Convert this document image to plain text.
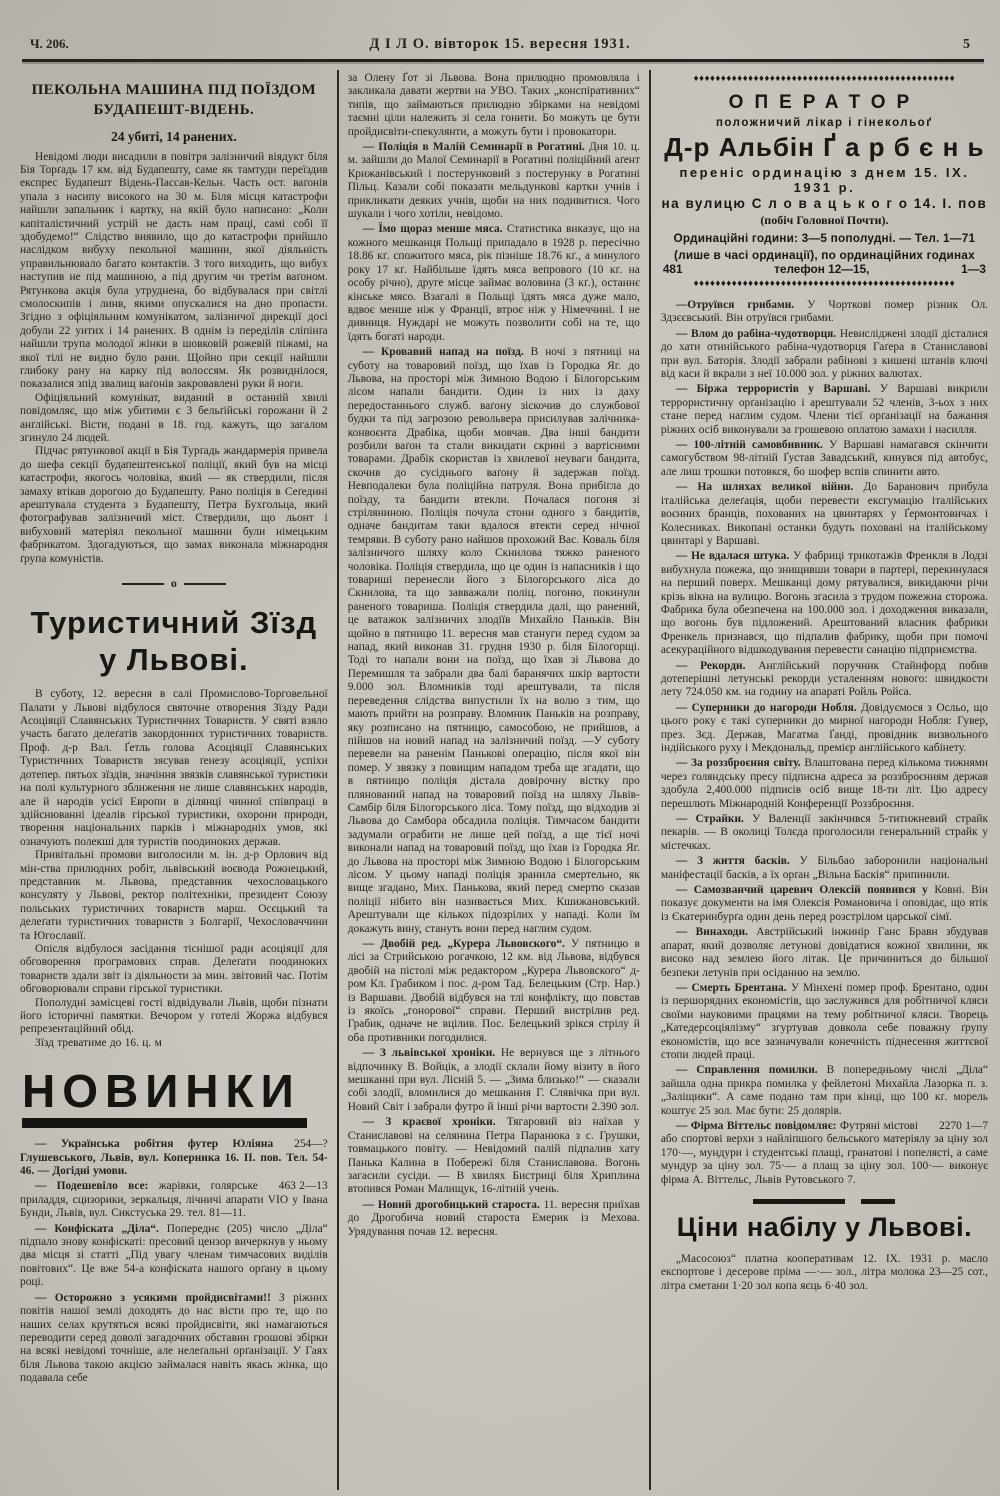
Ч. 206.	Д І Л О. вівторок 15. вересня 1931.	5
ПЕКОЛЬНА МАШИНА ПІД ПОЇЗДОМ БУДАПЕШТ-ВІДЕНЬ.
24 убиті, 14 ранених.

Невідомі люди висадили в повітря залізничий віядукт біля Бія Торґадь 17 км. від Будапешту, саме як тамтуди переїздив експрес Будапешт Відень-Пассав-Кельн. Часть ост. ваґонів упала з насипу високого на 30 м. Біля місця катастрофи найшли запальник і картку, на якій було написано: „Коли капіталістичний устрій не дасть нам праці, самі собі її здобудемо!“ Слідство виявило, що до катастрофи прийшло наслідком вибуху пекольної машини, якої діяльність управильнювало багато контактів. З того виходить, що вибух наступив не під машиною, а під другим чи третім ваґоном. Рятункова акція була утруднена, бо відбувалася при світлі смолоскипів і линв, якими опускалися на дно пропасти. Згідно з офіціяльним комунікатом, залізничої дирекції досі добули 22 уитих і 14 ранених. В однім із переділів сліпінґа найшли трупа молодої жінки в шовковій рожевій піжамі, на якої тілі не видно було рани. Щойно при секції найшли глибоку рану на карку під волоссям. Як розвиднілося, показалися зпід звалищ ваґонів закровавлені руки й ноги.

Офіціяльний комунікат, виданий в останній хвилі повідомляє, що між убитими є 3 бельґійські горожани й 2 анґлійські. Вісти, подані в 18. год. кажуть, що загалом згинуло 24 людей.

Підчас рятункової акції в Бія Турґадь жандармерія привела до шефа секції будапештенської поліції, який був на місці катастрофи, якогось чоловіка, який — як ствердили, після замаху втікав дорогою до Будапешту. Рано поліція в Сеґедині арештувала студента з Будапешту, Петра Бухгольца, який фотографував залізничий міст. Ствердили, що льонт і вибуховий матеріял пекольної машини були німецьким фабрикатом. Здогадуються, що замах виконала міжнародня ґрупа комуністів.

о
Туристичний Зїзд у Львові.

В суботу, 12. вересня в салі Промислово-Торговельної Палати у Львові відбулося святочне отворення Зїзду Ради Асоціяції Славянських Туристичних Товариств. У святі взяло участь багато делеґатів закордонних туристичних товариств. Проф. д-р Вал. Ґетль голова Асоціяції Славянських Туристичних Товариств зясував ґенезу асоціяції, успіхи дотепер. пятьох зїздів, значіння звязків славянської туристики на полі культурного зближення не лише славянських народів, але й народів усієї Европи в ділянці чинної співпраці в здійснюванні ідеалів гірської туристики, охорони природи, творення національних парків і міжнародніх умов, які означують полекші для туристів поодиноких держав.

Привітальні промови виголосили м. ін. д-р Орлович від мін-ства прилюдних робіт, львівський воєвода Рожнецький, представник м. Львова, представник чехословацького консуляту у Львові, ректор політехніки, президент Союзу польських туристичних товариств марш. Осєцький та делеґати туристичних товариств з Болгарії, Чехословаччини та Югославії.

Опісля відбулося засідання тіснішої ради асоціяції для обговорення програмових справ. Делеґати поодиноких товариств здали звіт із діяльности за мин. звітовий час. Потім обговорювали справи гірської туристики.

Пополудні замісцеві гості відвідували Львів, щоби пізнати його історичні памятки. Вечором у готелі Жоржа відбувся репрезентаційний обід.

Зїзд треватиме до 16. ц. м

НОВИНКИ

254—?
— Українська робітня футер Юліяна Глушевського, Львів, вул. Коперника 16. II. пов. Тел. 54-46. — Догідні умови.

463 2—13
— Подешевіло все: жарівки, голярське приладдя, сцизорики, зеркальця, лічничі апарати VIO у Івана Бунди, Львів, вул. Сикстуська 29. тел. 81—11.

— Конфіската „Діла“. Попереднє (205) число „Діла“ підпало знову конфіскаті: пресовий цензор вичеркнув у ньому два місця зі статті „Під увагу членам тимчасових виділів повітових“. Це вже 54-а конфіската нашого орґану в цьому році.

— Осторожно з усякими пройдисвітами!! З ріжних повітів нашої землі доходять до нас вісти про те, що по наших селах крутяться всякі пройдисвіти, які намагаються переводити серед доволі загадочних обставин грошові збірки на всякі невідомі точніше, але нелеґальні орґанізації. У Гаях біля Львова такою акцією займалася навіть якась жінка, що подавала себе

за Олену Ґот зі Львова. Вона прилюдно промовляла і закликала давати жертви на УВО. Таких „конспіративних“ типів, що займаються прилюдно збірками на невідомі таємні ціли належить зі села гонити. Бо можуть це бути пройдисвіти-спекулянти, а можуть бути і провокатори.

— Поліція в Малій Семинарії в Рогатині. Дня 10. ц. м. зайшли до Малої Семинарії в Рогатині поліційний аґент Крижанівський і постерунковий з постерунку в Рогатині Пільц. Казали собі показати мельдункові картки учнів і прикликати деяких учнів, щоби на них подивитися. Чого шукали і чого хотіли, невідомо.

— Їмо щораз менше мяса. Статистика виказує, що на кожного мешканця Польщі припадало в 1928 р. пересічно 18.86 кґ. спожитого мяса, рік пізніше 18.76 кґ., а минулого року 17 кґ. Найбільше їдять мяса вепрового (10 кґ. на особу річно), друге місце займає воловина (3 кґ.), останнє кінське мясо. Взагалі в Польщі їдять мяса дуже мало, вдвоє менше ніж у Франції, втроє ніж у Німеччині. І не дивниця. Нуждарі не можуть позволити собі на те, що їдять богаті народи.

— Кровавий напад на поїзд. В ночі з пятниці на суботу на товаровий поїзд, що їхав із Городка Яг. до Львова, на просторі між Зимною Водою і Білогорським лісом напали бандити. Один із них із даху передостаннього служб. ваґону зіскочив до службової будки та під загрозою револьвера присилував залічника-конвоєнта Драбіка, щоби мовчав. Два інші бандити розбили ваґон та стали викидати скрині з вартісними товарами. Драбік скористав із хвилевої неуваги бандита, скочив до сусіднього ваґону й задержав поїзд. Невподалеки була поліційна патруля. Вона прибігла до поїзду, та бандити втекли. Почалася погоня зі стріляниною. Поліція почула стони одного з бандитів, одначе бандитам таки вдалося втекти серед нічної темряви. В суботу рано найшов прохожий Вас. Коваль біля залізничого шляху коло Скнилова тяжко раненого чоловіка. Поліція ствердила, що це один із напасників і що товариші перенесли його з Білогорського ліса до Скнилова, та що завважали поліц. погоню, покинули раненого товариша. Поліція ствердила далі, що ранений, це ватажок залізничих злодіїв Михайло Паньків. Він щойно в пятницю 11. вересня мав стануги перед судом за напад, який виконав 31. грудня 1930 р. біля Білогорщі. Тоді то напали вони на поїзд, що їхав зі Львова до Перемишля та забрали два балі баранячих шкір вартости 9.000 зол. Вломників тоді арештували, та після переведення слідства випустили їх на волю з тим, що мають прийти на розправу. Вломник Паньків на розправу, яку розписано на пятницю, самособою, не прийшов, а пійшов на новий напад на залізничий поїзд. —У суботу перевели на раненім Панькові операцію, після якої він помер. У звязку з повищим нападом треба ще згадати, що в пятницю поліція дістала довірочну вістку про плянований напад на товаровий поїзд на шляху Львів-Самбір біля Білогорського ліса. Тому поїзд, що відходив зі Львова до Самбора обсадила поліція. Тимчасом бандити задумали ограбити не лише цей поїзд, а ще тієї ночі виконали напад на товаровий поїзд, що їхав із Городка Яг. до Львова на просторі між Зимною Водою і Білогорським лісом. У цьому нападі поліція зранила смертельно, як вище згадано, Мих. Панькова, який перед смертю сказав поліції нібито він називається Мих. Кшижановський. Арештували ще кількох підозрілих у нападі. Коли їм докажуть вину, стануть вони перед наглим судом.

— Двобій ред. „Курера Львовского“. У пятницю в лісі за Стрийською рогачкою, 12 км. від Львова, відбувся двобій на пістолі між редактором „Курера Львовского“ д-ром Кл. Грабиком і пос. д-ром Тад. Белецьким (Стр. Нар.) із Варшави. Двобій відбувся на тлі конфлікту, що повстав із якоїсь „гонорової“ справи. Перший вистрілив ред. Грабик, одначе не вцілив. Пос. Белецький зрікся стрілу й оба противники погодилися.

— З львівської хроніки. Не вернувся ще з літнього відпочинку В. Войцік, а злодії склали йому візиту в його мешканні при вул. Лісній 5. — „Зима близько!“ — сказали собі злодії, вломилися до мешкання Г. Слявічка при вул. Новий Світ і забрали футро й інші річи вартости 2.390 зол.

— З краєвої хроніки. Тягаровий віз наїхав у Станиславові на селянина Петра Паранюка з с. Грушки, товмацького повіту. — Невідомий палій підпалив хату Панька Калина в Побережі біля Станиславова. Вогонь загасили сусіди. — В хвилях Бистриці біля Хриплина втопився Роман Малищук, 16-літній учень.

— Новий дрогобицький староста. 11. вересня приїхав до Дрогобича новий староста Емерик із Мехова. Урядування почав 12. вересня.

♦♦♦♦♦♦♦♦♦♦♦♦♦♦♦♦♦♦♦♦♦♦♦♦♦♦♦♦♦♦♦♦♦♦♦♦♦♦♦♦♦♦♦♦♦♦♦♦
ОПЕРАТОР
положничий лікар і гінекольоґ
Д-р Альбін Ґ а р б є н ь
переніс ординацію з днем 15. IX. 1931 р.
на вулицю С л о в а ц ь к о г о 14. І. пов
(побіч Головної Почти).
Ординаційні години: 3—5 пополудні. — Тел. 1—71
(лише в часі ординації), по ординаційних годинах
481	телефон 12—15,	1—3
♦♦♦♦♦♦♦♦♦♦♦♦♦♦♦♦♦♦♦♦♦♦♦♦♦♦♦♦♦♦♦♦♦♦♦♦♦♦♦♦♦♦♦♦♦♦♦♦

—Отруївся грибами. У Чорткові помер різник Ол. Здзєєвський. Він отруївся грибами.

— Влом до рабіна-чудотворця. Невисліджені злодії дісталися до хати отинійського рабіна-чудотворця Гаґера в Станиславові при вул. Баторія. Злодії забрали рабінові з кишені штанів ключі від каси й вкрали з неї 10.000 зол. у ріжних валютах.

— Біржа террористів у Варшаві. У Варшаві викрили террористичну орґанізацію і арештували 52 членів, 3-ьох з них стане перед наглим судом. Члени тієї орґанізації на бажання ріжних осіб виконували за грошевою оплатою замахи і насилля.

— 100-літній самовбивник. У Варшаві намагався скінчити самогубством 98-літній Ґустав Завадський, кинувся під автобус, але лиш трошки потовкся, бо шофер вспів спинити авто.

— На шляхах великої війни. До Баранович прибула італійська делеґація, щоби перевести ексгумацію італійських воєнних бранців, похованих на цвинтарях у Ґермонтовичах і Колесниках. Викопані останки будуть поховані на італійському цвинтарі у Варшаві.

— Не вдалася штука. У фабриці трикотажів Френкля в Лодзі вибухнула пожежа, що знищивши товари в партері, перекинулася на перший поверх. Мешканці дому рятувалися, викидаючи річи крізь вікна на вулицю. Вогонь згасила з трудом пожежна сторожа. Фабрика була обезпечена на 100.000 зол. і доходження виказали, що вогонь був підложений. Арештований власник фабрики Френкель признався, що підпалив фабрику, щоби при помочі асекураційного відшкодування перевести санацію підприємства.

— Рекорди. Англійський поручник Стайнфорд побив дотеперішні летунські рекорди усталенням нового: швидкости лету 724.050 км. на годину на апараті Ройль Ройса.

— Суперники до нагороди Нобля. Довідуємося з Осльо, що цього року є такі суперники до мирної нагороди Нобля: Гувер, през. Зєд. Держав, Магатма Ґанді, провідник визвольного індійського руху і Мекдональд, премієр англійського кабінету.

— За роззброєння світу. Влаштована перед кількома тижнями через голяндську пресу підписна адреса за роззброєнням держав здобула 2,400.000 підписів осіб вище 18-ти літ. Цю адресу перешлють Міжнародній Конференції Роззброєння.

— Страйки. У Валенції закінчився 5-титижневий страйк пекарів. — В околиці Толєда проголосили генеральний страйк у містечках.

— З життя басків. У Більбао заборонили національні маніфестації басків, а їх орґан „Вільна Баскія“ припинили.

— Самозванчий царевич Олексій появився у Ковні. Він показує документи на імя Олексія Романовича і оповідає, що втік із Єкатеринбурґа один день перед розстрілом царської сімї.

— Винаходи. Австрійський інжинір Ганс Бравн збудував апарат, який дозволяє летунові довідатися кожної хвилини, як високо над землею його літак. Це причиниться до більшої безпеки летунів при осіданню на землю.

— Смерть Брентана. У Мінхені помер проф. Брентано, один із першорядних економістів, що заслужився для робітничої кляси своїми науковими працями на тему робітничої кляси. Творець „Катедерсоціялізму“ згуртував довкола себе поважну ґрупу економістів, що все зазначували конечність піднесення життєвої стопи людей праці.

— Справлення помилки. В попередньому числі „Діла“ зайшла одна прикра помилка у фейлетоні Михайла Лазорка п. з. „Заліщики“. А саме подано там при кінці, що 100 кґ. морель коштує 25 зол. Має бути: 25 долярів.

2270 1—7
— Фірма Віттельс повідомляє: Футряні містові або спортові верхи з найліпшого бельського матеріялу за ціну зол 170·—, мундури і студентські плащі, гранатові і попелясті, а саме мундур за ціну зол. 75·— а плащ за ціну зол. 100·— виконує фірма А. Віттельс, Львів Рутовського 7.

Ціни набілу у Львові.

„Масосоюз“ платна кооперативам 12. IX. 1931 р. масло експортове і десерове пріма —·— зол., літра молока 23—25 сот., літра сметани 1·20 зол копа яєць 6·40 зол.
